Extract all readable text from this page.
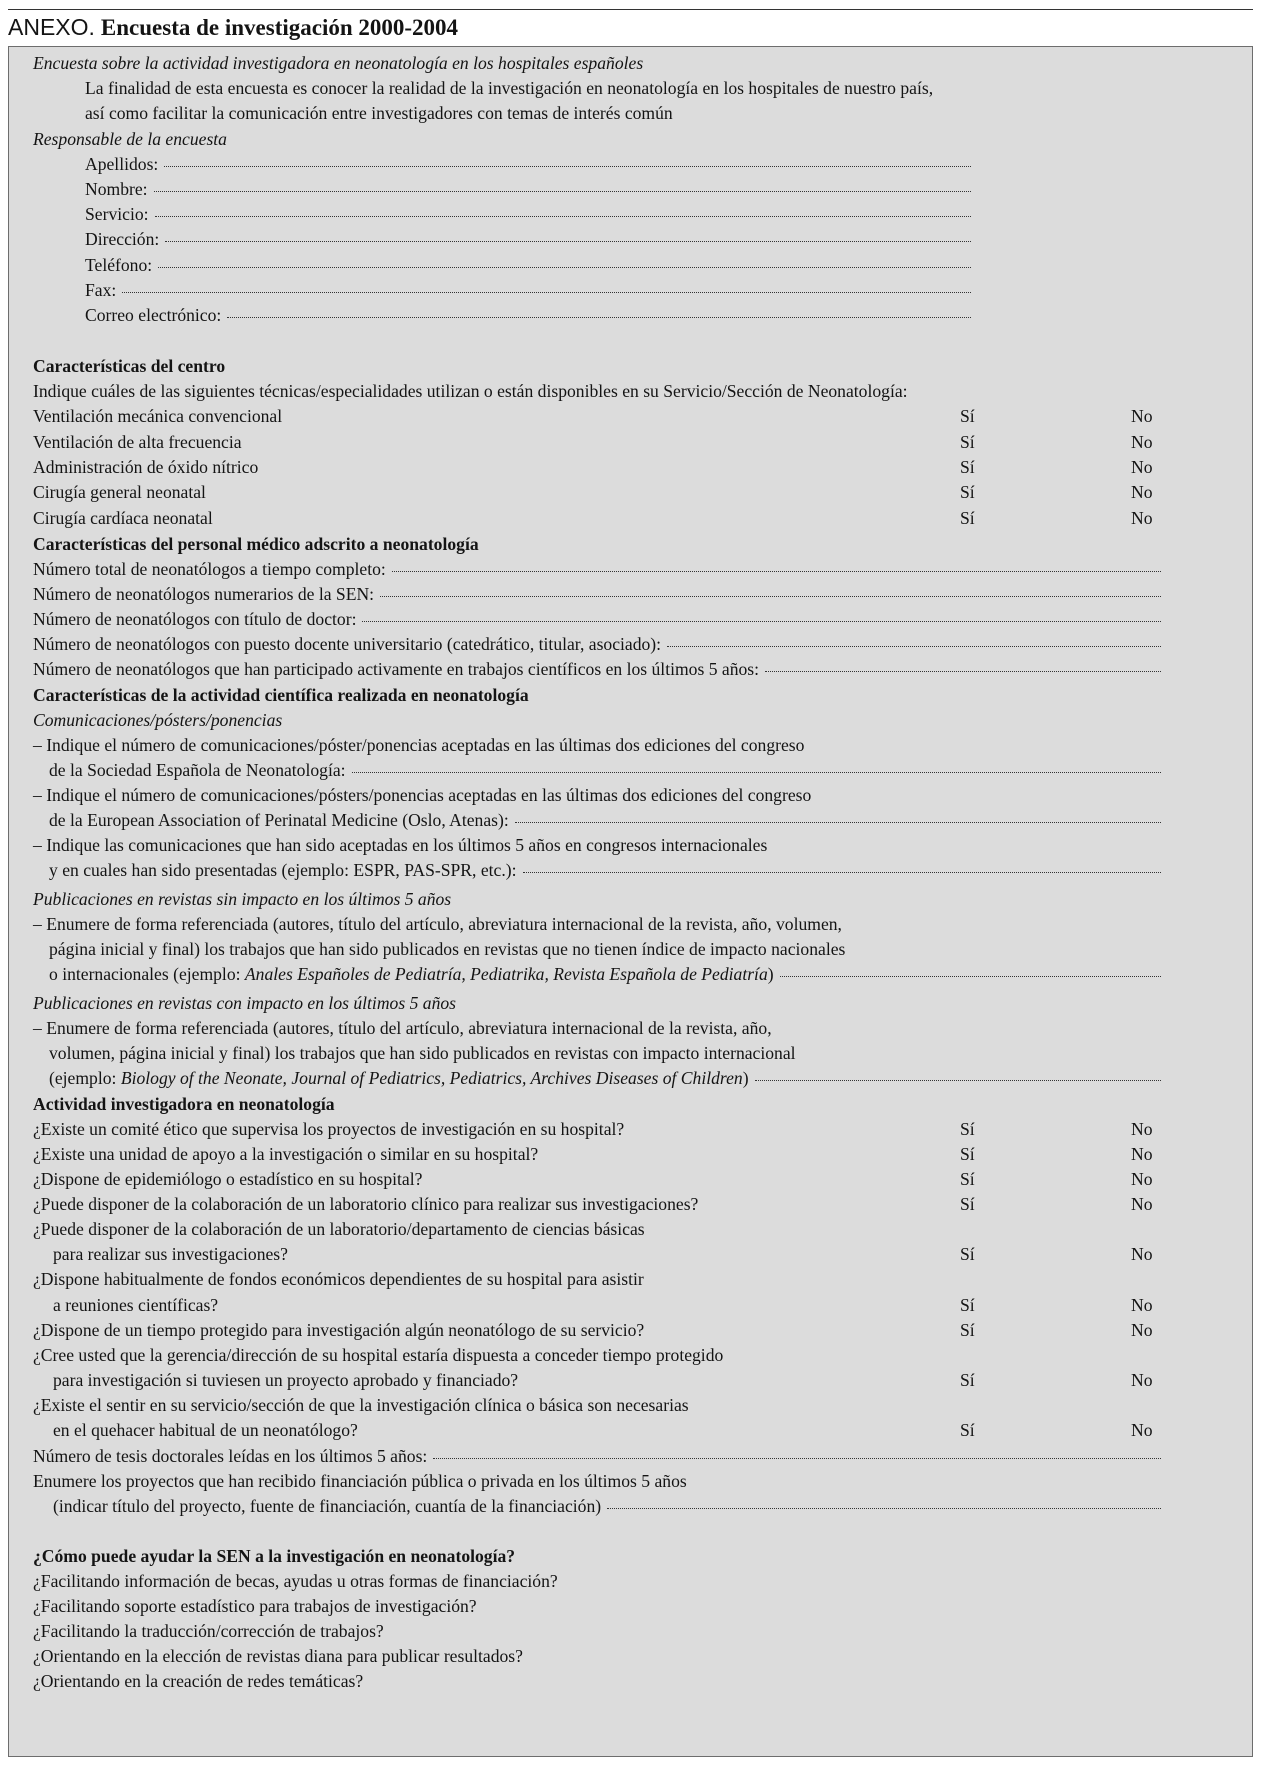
ANEXO. Encuesta de investigación 2000-2004
Encuesta sobre la actividad investigadora en neonatología en los hospitales españoles
La finalidad de esta encuesta es conocer la realidad de la investigación en neonatología en los hospitales de nuestro país,
así como facilitar la comunicación entre investigadores con temas de interés común
Responsable de la encuesta
Apellidos:
Nombre:
Servicio:
Dirección:
Teléfono:
Fax:
Correo electrónico:
Características del centro
Indique cuáles de las siguientes técnicas/especialidades utilizan o están disponibles en su Servicio/Sección de Neonatología:
Ventilación mecánica convencional	Sí	No
Ventilación de alta frecuencia	Sí	No
Administración de óxido nítrico	Sí	No
Cirugía general neonatal	Sí	No
Cirugía cardíaca neonatal	Sí	No
Características del personal médico adscrito a neonatología
Número total de neonatólogos a tiempo completo:
Número de neonatólogos numerarios de la SEN:
Número de neonatólogos con título de doctor:
Número de neonatólogos con puesto docente universitario (catedrático, titular, asociado):
Número de neonatólogos que han participado activamente en trabajos científicos en los últimos 5 años:
Características de la actividad científica realizada en neonatología
Comunicaciones/pósters/ponencias
– Indique el número de comunicaciones/póster/ponencias aceptadas en las últimas dos ediciones del congreso
de la Sociedad Española de Neonatología:
– Indique el número de comunicaciones/pósters/ponencias aceptadas en las últimas dos ediciones del congreso
de la European Association of Perinatal Medicine (Oslo, Atenas):
– Indique las comunicaciones que han sido aceptadas en los últimos 5 años en congresos internacionales
y en cuales han sido presentadas (ejemplo: ESPR, PAS-SPR, etc.):
Publicaciones en revistas sin impacto en los últimos 5 años
– Enumere de forma referenciada (autores, título del artículo, abreviatura internacional de la revista, año, volumen,
página inicial y final) los trabajos que han sido publicados en revistas que no tienen índice de impacto nacionales
o internacionales (ejemplo: Anales Españoles de Pediatría, Pediatrika, Revista Española de Pediatría)
Publicaciones en revistas con impacto en los últimos 5 años
– Enumere de forma referenciada (autores, título del artículo, abreviatura internacional de la revista, año,
volumen, página inicial y final) los trabajos que han sido publicados en revistas con impacto internacional
(ejemplo: Biology of the Neonate, Journal of Pediatrics, Pediatrics, Archives Diseases of Children)
Actividad investigadora en neonatología
¿Existe un comité ético que supervisa los proyectos de investigación en su hospital?	Sí	No
¿Existe una unidad de apoyo a la investigación o similar en su hospital?	Sí	No
¿Dispone de epidemiólogo o estadístico en su hospital?	Sí	No
¿Puede disponer de la colaboración de un laboratorio clínico para realizar sus investigaciones?	Sí	No
¿Puede disponer de la colaboración de un laboratorio/departamento de ciencias básicas
para realizar sus investigaciones?	Sí	No
¿Dispone habitualmente de fondos económicos dependientes de su hospital para asistir
a reuniones científicas?	Sí	No
¿Dispone de un tiempo protegido para investigación algún neonatólogo de su servicio?	Sí	No
¿Cree usted que la gerencia/dirección de su hospital estaría dispuesta a conceder tiempo protegido
para investigación si tuviesen un proyecto aprobado y financiado?	Sí	No
¿Existe el sentir en su servicio/sección de que la investigación clínica o básica son necesarias
en el quehacer habitual de un neonatólogo?	Sí	No
Número de tesis doctorales leídas en los últimos 5 años:
Enumere los proyectos que han recibido financiación pública o privada en los últimos 5 años
(indicar título del proyecto, fuente de financiación, cuantía de la financiación)
¿Cómo puede ayudar la SEN a la investigación en neonatología?
¿Facilitando información de becas, ayudas u otras formas de financiación?
¿Facilitando soporte estadístico para trabajos de investigación?
¿Facilitando la traducción/corrección de trabajos?
¿Orientando en la elección de revistas diana para publicar resultados?
¿Orientando en la creación de redes temáticas?
